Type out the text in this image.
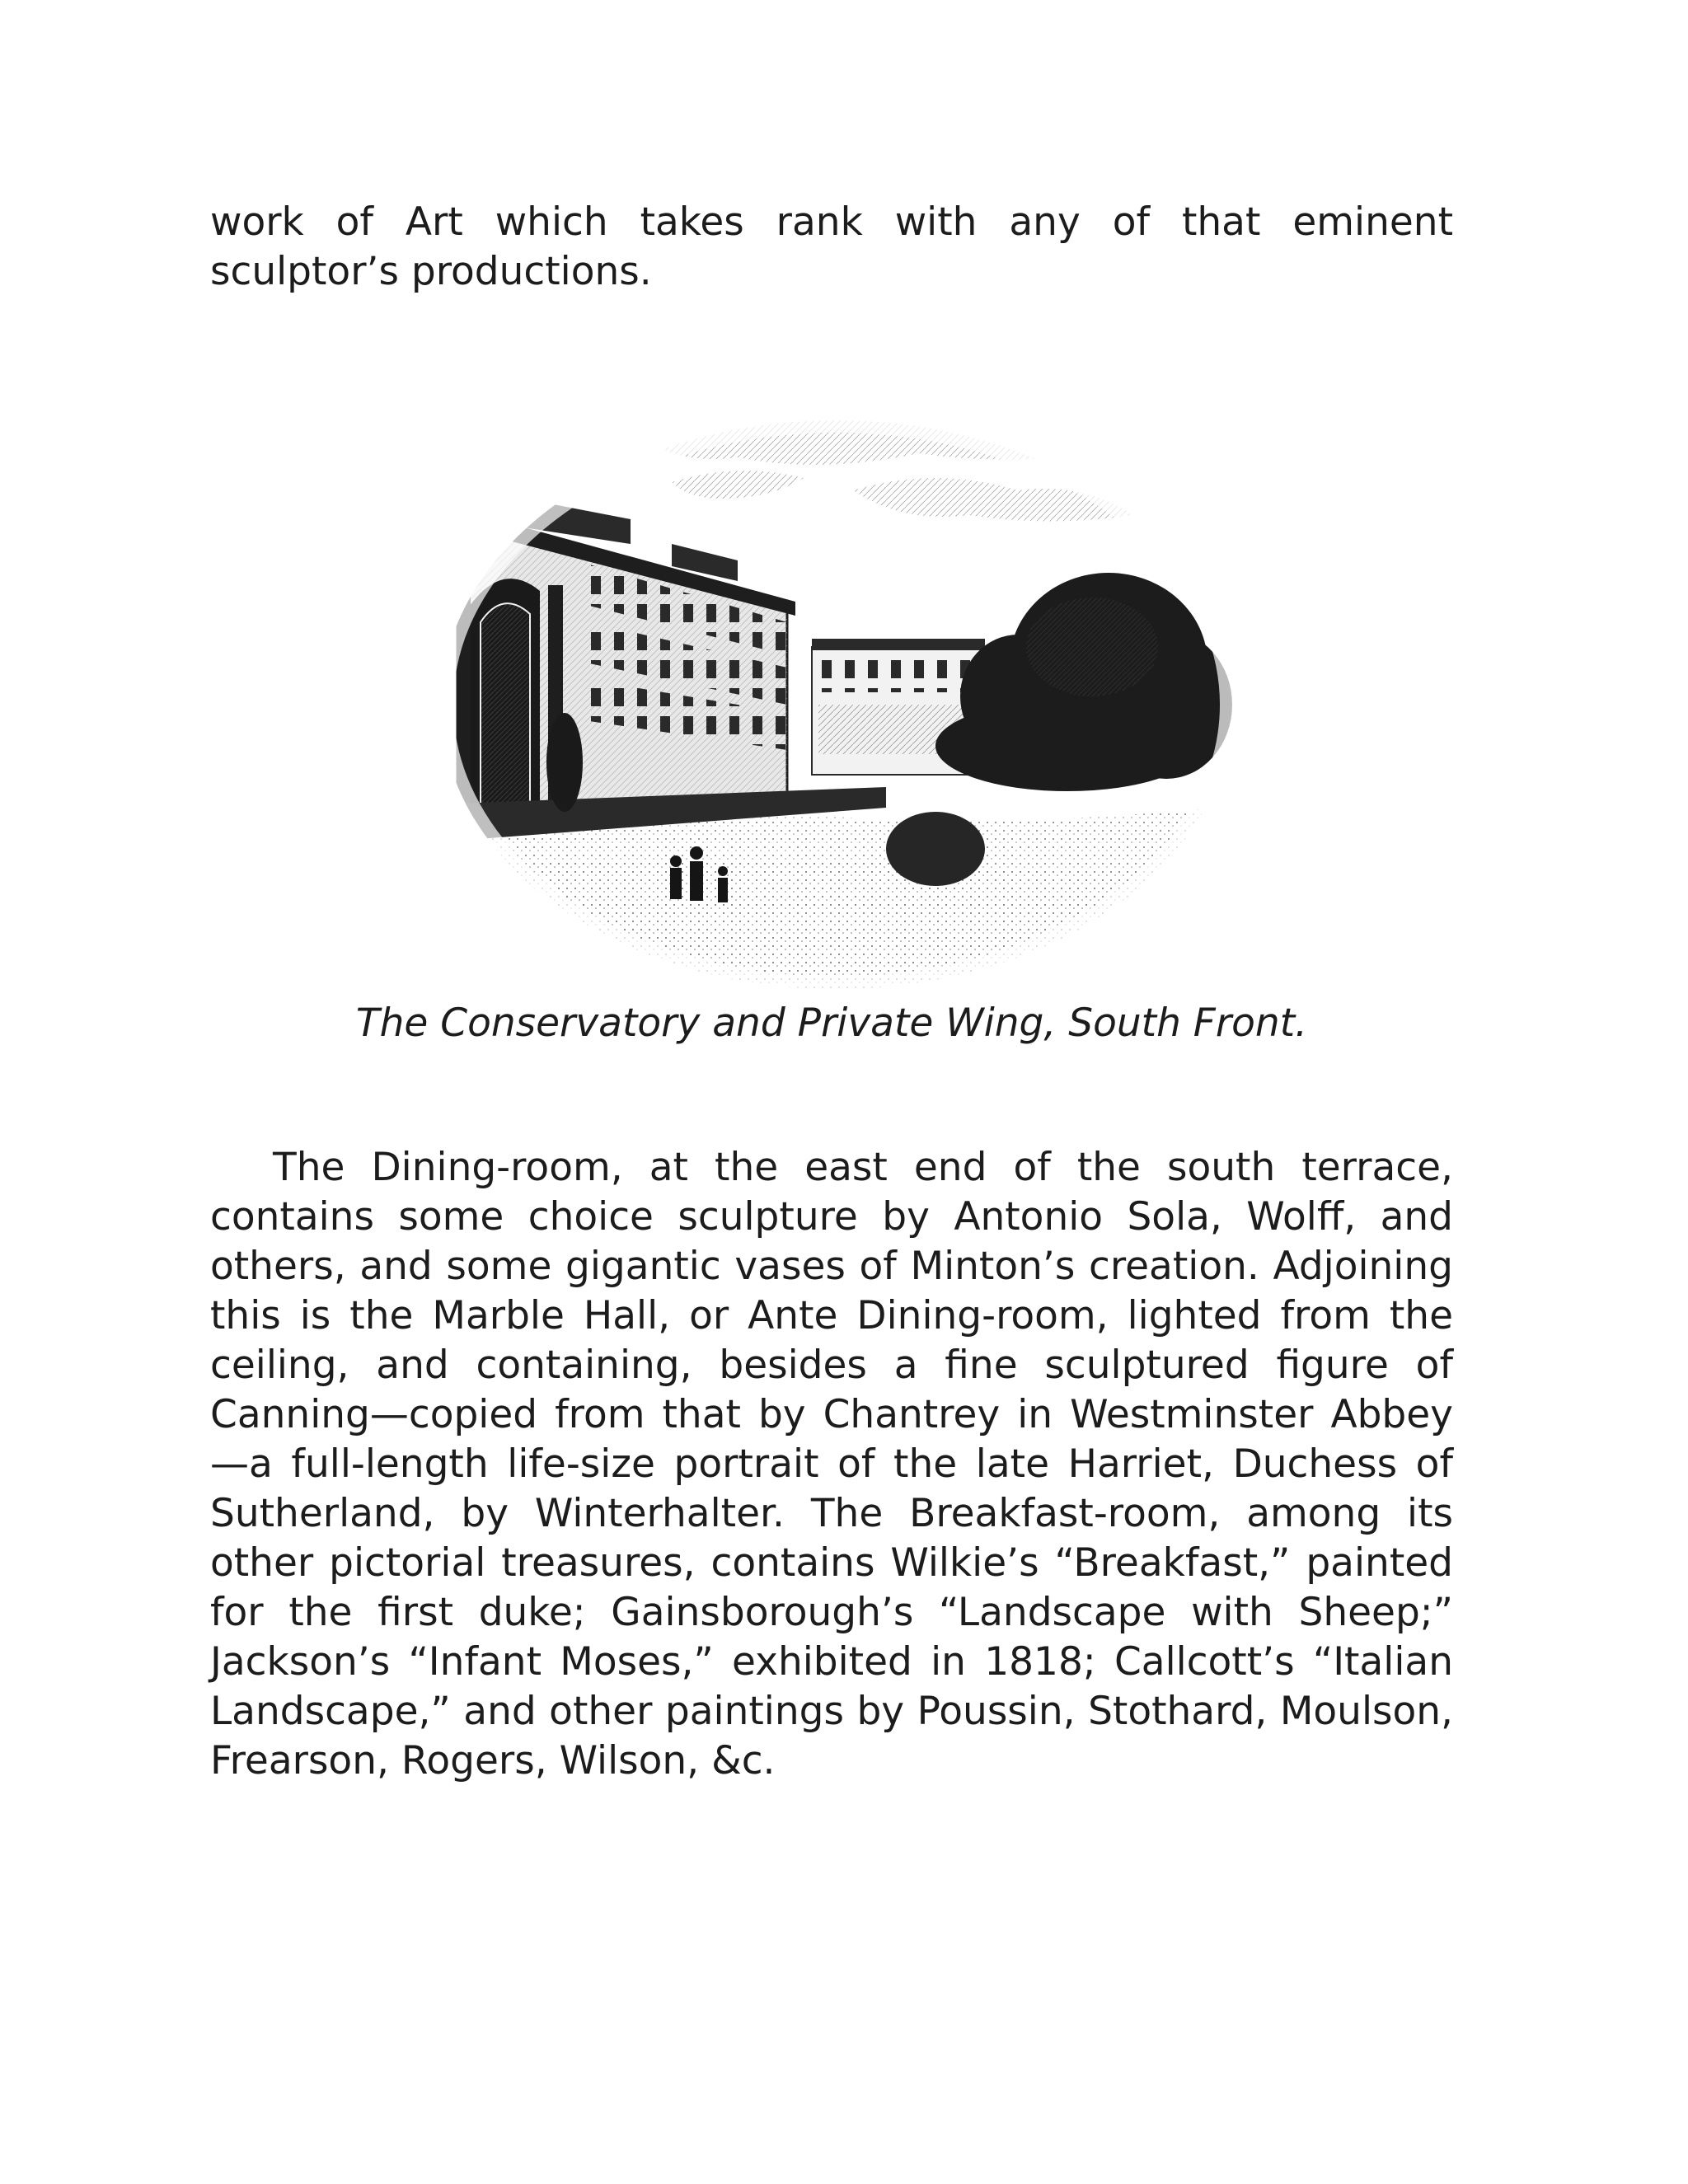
work of Art which takes rank with any of that eminent sculptor’s productions.

The Conservatory and Private Wing, South Front.

The Dining-room, at the east end of the south terrace, contains some choice sculpture by Antonio Sola, Wolff, and others, and some gigantic vases of Minton’s creation. Adjoining this is the Marble Hall, or Ante Dining-room, lighted from the ceiling, and containing, besides a fine sculptured figure of Canning—copied from that by Chantrey in Westminster Abbey—a full-length life-size portrait of the late Harriet, Duchess of Sutherland, by Winterhalter. The Breakfast-room, among its other pictorial treasures, contains Wilkie’s “Breakfast,” painted for the first duke; Gainsborough’s “Landscape with Sheep;” Jackson’s “Infant Moses,” exhibited in 1818; Callcott’s “Italian Landscape,” and other paintings by Poussin, Stothard, Moulson, Frearson, Rogers, Wilson, &c.
